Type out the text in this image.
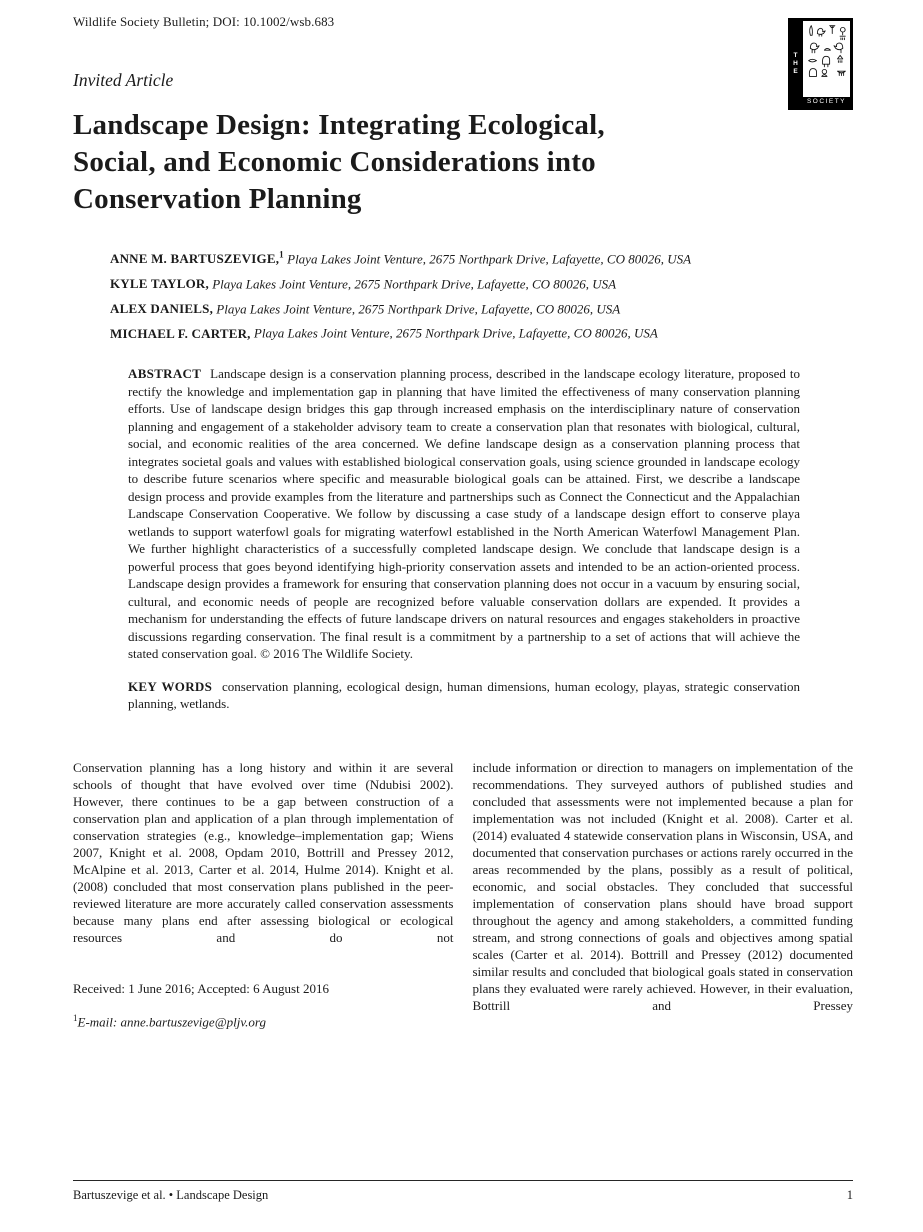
Wildlife Society Bulletin; DOI: 10.1002/wsb.683
THE WILDLIFE
SOCIETY
Invited Article
Landscape Design: Integrating Ecological, Social, and Economic Considerations into Conservation Planning
ANNE M. BARTUSZEVIGE,$^1$ Playa Lakes Joint Venture, 2675 Northpark Drive, Lafayette, CO 80026, USA
KYLE TAYLOR, Playa Lakes Joint Venture, 2675 Northpark Drive, Lafayette, CO 80026, USA
ALEX DANIELS, Playa Lakes Joint Venture, 2675 Northpark Drive, Lafayette, CO 80026, USA
MICHAEL F. CARTER, Playa Lakes Joint Venture, 2675 Northpark Drive, Lafayette, CO 80026, USA

ABSTRACT Landscape design is a conservation planning process, described in the landscape ecology literature, proposed to rectify the knowledge and implementation gap in planning that have limited the effectiveness of many conservation planning efforts. Use of landscape design bridges this gap through increased emphasis on the interdisciplinary nature of conservation planning and engagement of a stakeholder advisory team to create a conservation plan that resonates with biological, cultural, social, and economic realities of the area concerned. We define landscape design as a conservation planning process that integrates societal goals and values with established biological conservation goals, using science grounded in landscape ecology to describe future scenarios where specific and measurable biological goals can be attained. First, we describe a landscape design process and provide examples from the literature and partnerships such as Connect the Connecticut and the Appalachian Landscape Conservation Cooperative. We follow by discussing a case study of a landscape design effort to conserve playa wetlands to support waterfowl goals for migrating waterfowl established in the North American Waterfowl Management Plan. We further highlight characteristics of a successfully completed landscape design. We conclude that landscape design is a powerful process that goes beyond identifying high-priority conservation assets and intended to be an action-oriented process. Landscape design provides a framework for ensuring that conservation planning does not occur in a vacuum by ensuring social, cultural, and economic needs of people are recognized before valuable conservation dollars are expended. It provides a mechanism for understanding the effects of future landscape drivers on natural resources and engages stakeholders in proactive discussions regarding conservation. The final result is a commitment by a partnership to a set of actions that will achieve the stated conservation goal. © 2016 The Wildlife Society.

KEY WORDS conservation planning, ecological design, human dimensions, human ecology, playas, strategic conservation planning, wetlands.

Conservation planning has a long history and within it are several schools of thought that have evolved over time (Ndubisi 2002). However, there continues to be a gap between construction of a conservation plan and application of a plan through implementation of conservation strategies (e.g., knowledge–implementation gap; Wiens 2007, Knight et al. 2008, Opdam 2010, Bottrill and Pressey 2012, McAlpine et al. 2013, Carter et al. 2014, Hulme 2014). Knight et al. (2008) concluded that most conservation plans published in the peer-reviewed literature are more accurately called conservation assessments because many plans end after assessing biological or ecological resources and do not

Received: 1 June 2016; Accepted: 6 August 2016

$^1$E-mail: anne.bartuszevige@pljv.org

include information or direction to managers on implementation of the recommendations. They surveyed authors of published studies and concluded that assessments were not implemented because a plan for implementation was not included (Knight et al. 2008). Carter et al. (2014) evaluated 4 statewide conservation plans in Wisconsin, USA, and documented that conservation purchases or actions rarely occurred in the areas recommended by the plans, possibly as a result of political, economic, and social obstacles. They concluded that successful implementation of conservation plans should have broad support throughout the agency and among stakeholders, a committed funding stream, and strong connections of goals and objectives among spatial scales (Carter et al. 2014). Bottrill and Pressey (2012) documented similar results and concluded that biological goals stated in conservation plans they evaluated were rarely achieved. However, in their evaluation, Bottrill and Pressey

Bartuszevige et al. • Landscape Design	1
